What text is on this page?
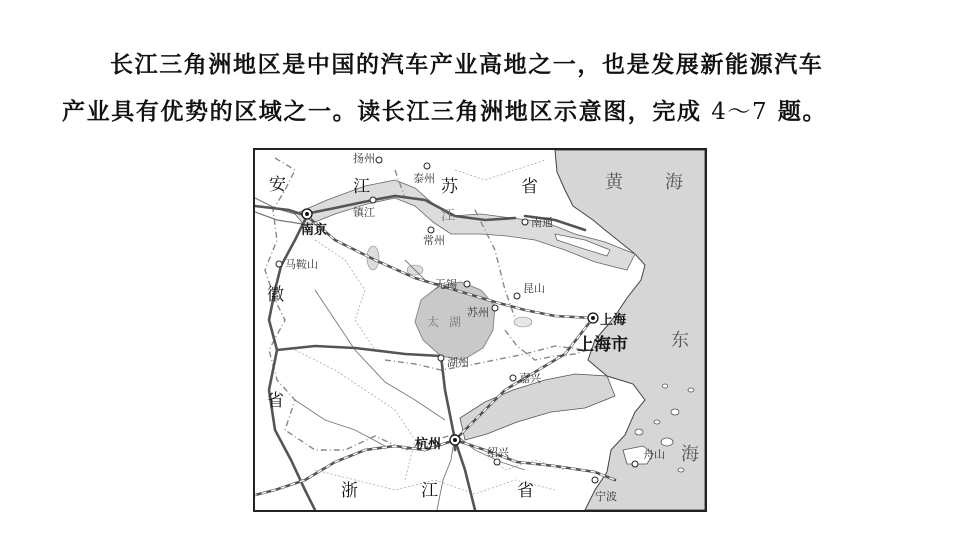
长江三角洲地区是中国的汽车产业高地之一，也是发展新能源汽车

产业具有优势的区域之一。读长江三角洲地区示意图，完成 4～7 题。

扬州
泰州
镇江
南京
常州
南通
马鞍山
无锡	昆山
苏州
上海
湖州
嘉兴
杭州
绍兴	舟山
宁波
上海市
安
徽
省
江	苏	省
浙	江	省
江
太 湖
黄 海
东
海
